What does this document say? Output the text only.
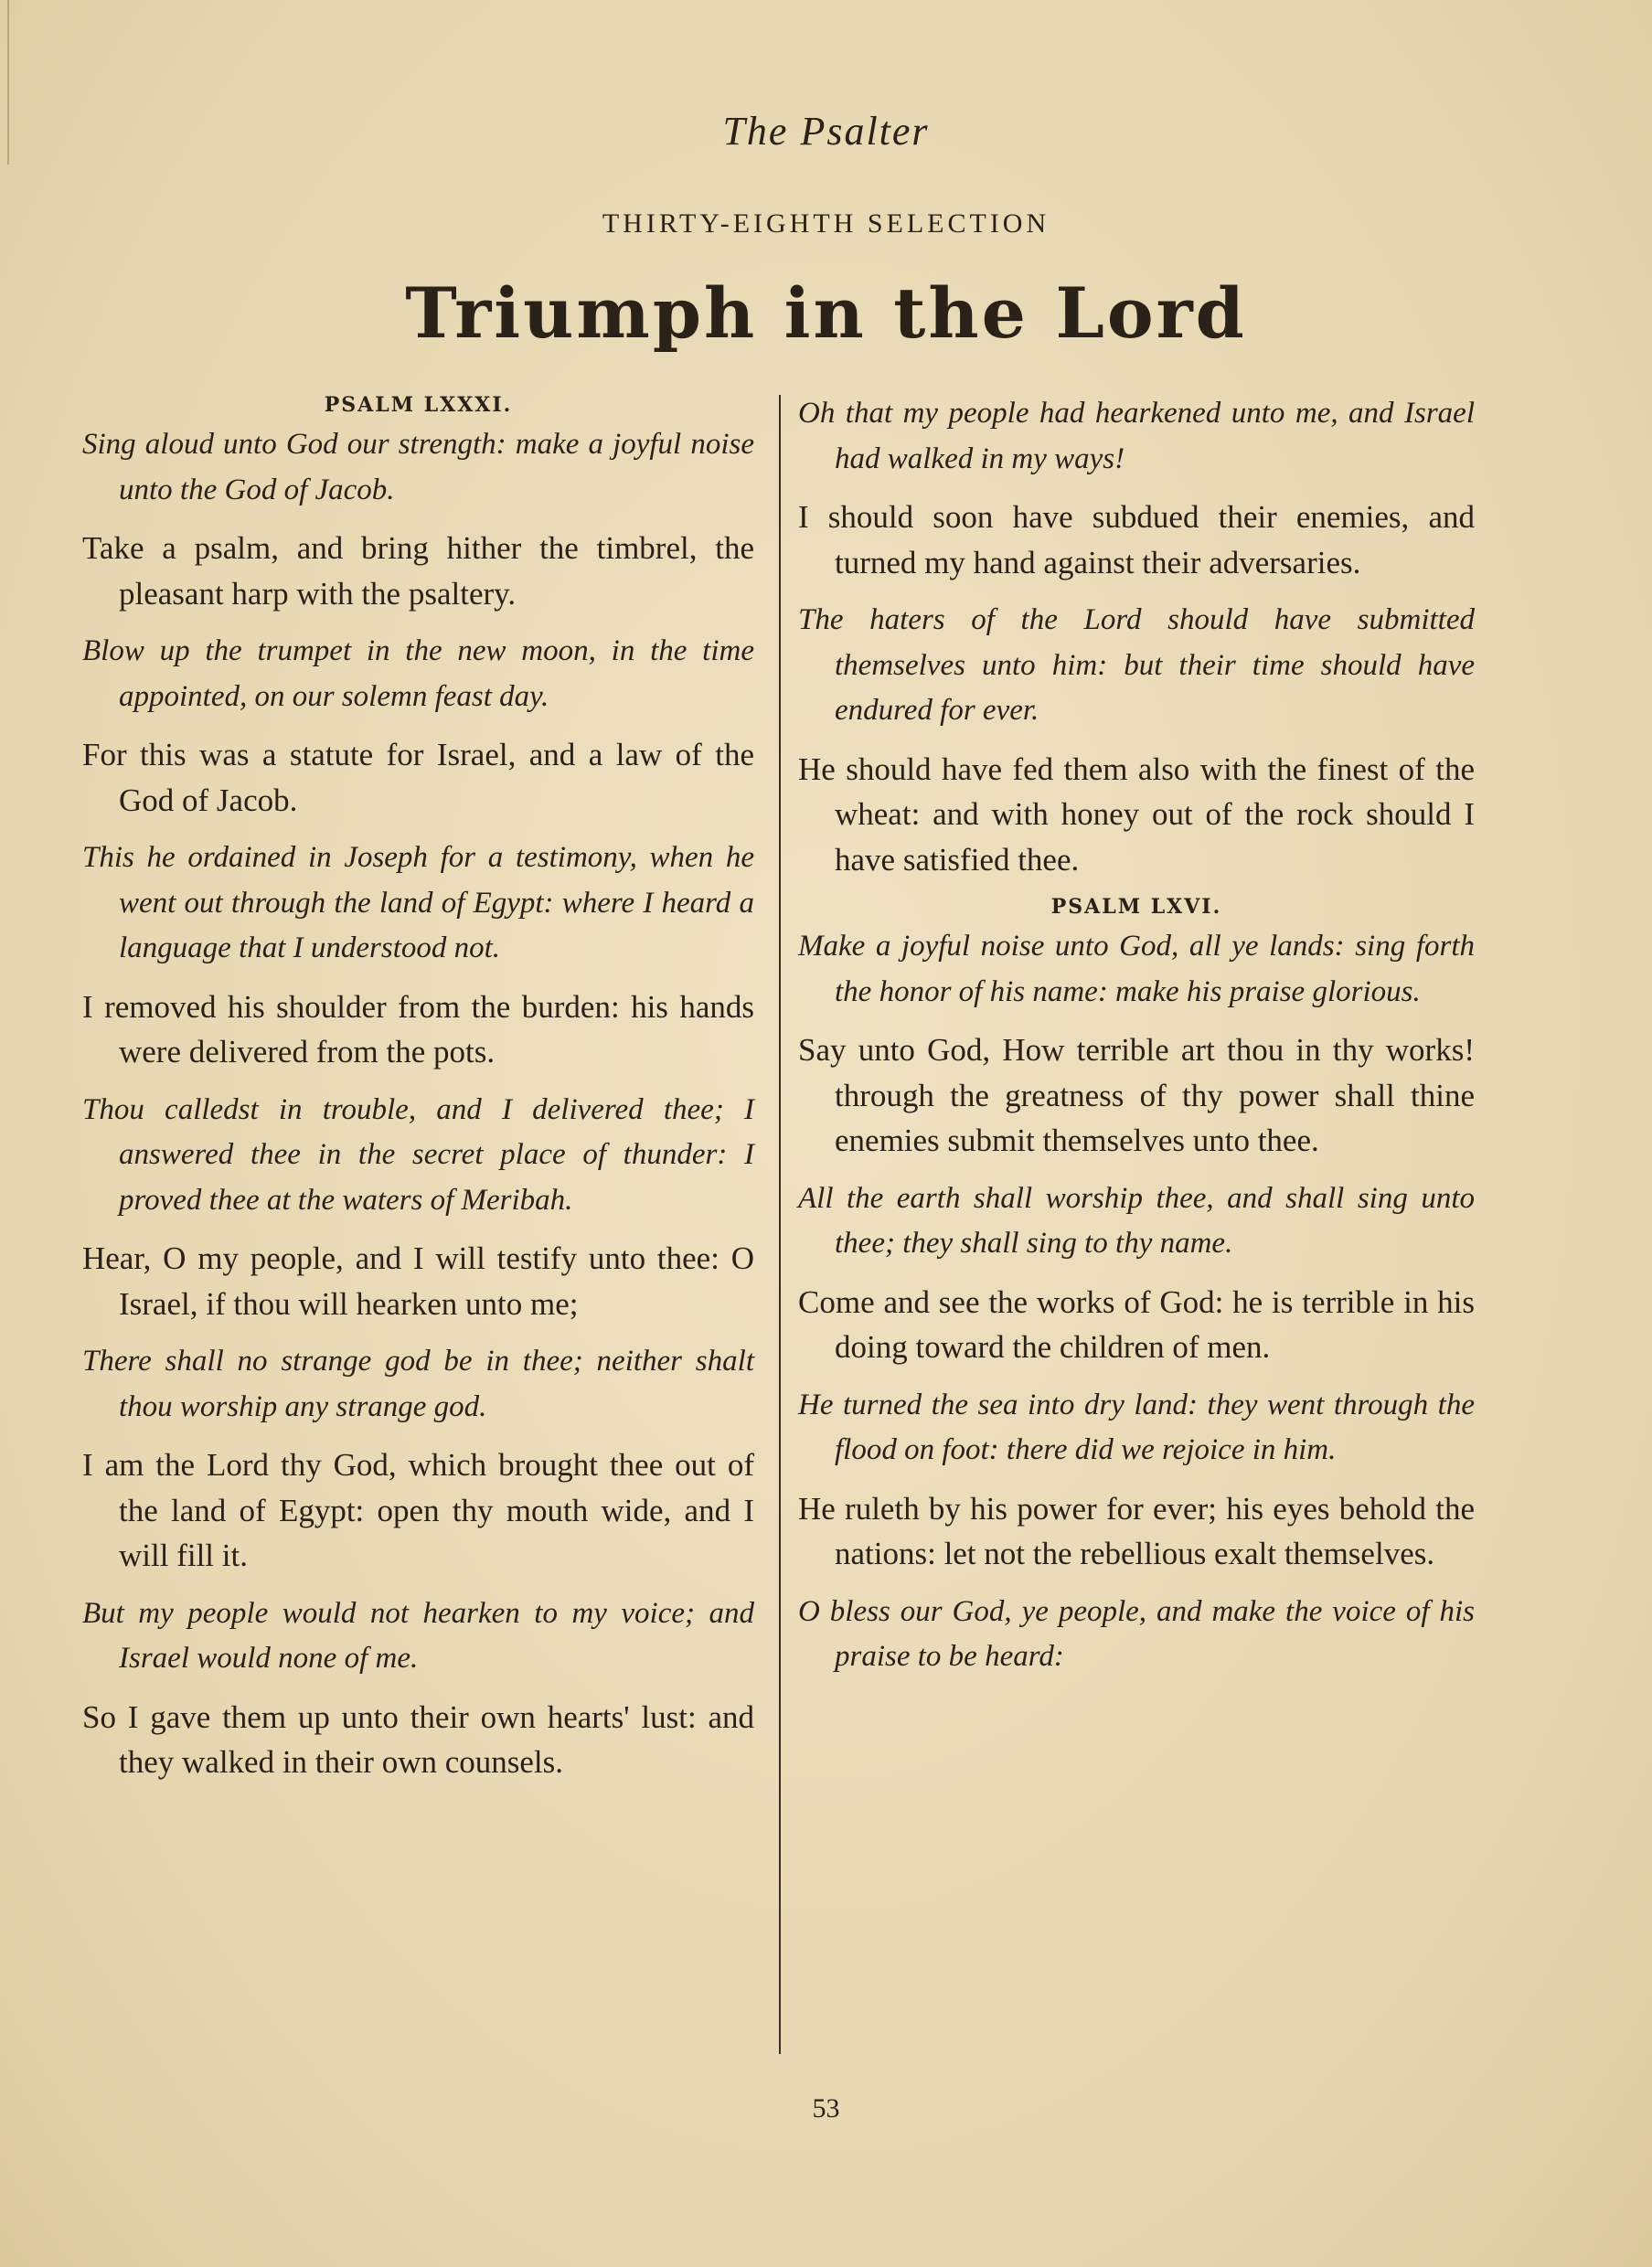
The Psalter
THIRTY-EIGHTH SELECTION
Triumph in the Lord
PSALM LXXXI.
Sing aloud unto God our strength: make a joyful noise unto the God of Jacob.
Take a psalm, and bring hither the timbrel, the pleasant harp with the psaltery.
Blow up the trumpet in the new moon, in the time appointed, on our solemn feast day.
For this was a statute for Israel, and a law of the God of Jacob.
This he ordained in Joseph for a testimony, when he went out through the land of Egypt: where I heard a language that I understood not.
I removed his shoulder from the burden: his hands were delivered from the pots.
Thou calledst in trouble, and I delivered thee; I answered thee in the secret place of thunder: I proved thee at the waters of Meribah.
Hear, O my people, and I will testify unto thee: O Israel, if thou will hearken unto me;
There shall no strange god be in thee; neither shalt thou worship any strange god.
I am the Lord thy God, which brought thee out of the land of Egypt: open thy mouth wide, and I will fill it.
But my people would not hearken to my voice; and Israel would none of me.
So I gave them up unto their own hearts' lust: and they walked in their own counsels.
Oh that my people had hearkened unto me, and Israel had walked in my ways!
I should soon have subdued their enemies, and turned my hand against their adversaries.
The haters of the Lord should have submitted themselves unto him: but their time should have endured for ever.
He should have fed them also with the finest of the wheat: and with honey out of the rock should I have satisfied thee.
PSALM LXVI.
Make a joyful noise unto God, all ye lands: sing forth the honor of his name: make his praise glorious.
Say unto God, How terrible art thou in thy works! through the greatness of thy power shall thine enemies submit themselves unto thee.
All the earth shall worship thee, and shall sing unto thee; they shall sing to thy name.
Come and see the works of God: he is terrible in his doing toward the children of men.
He turned the sea into dry land: they went through the flood on foot: there did we rejoice in him.
He ruleth by his power for ever; his eyes behold the nations: let not the rebellious exalt themselves.
O bless our God, ye people, and make the voice of his praise to be heard:
53
